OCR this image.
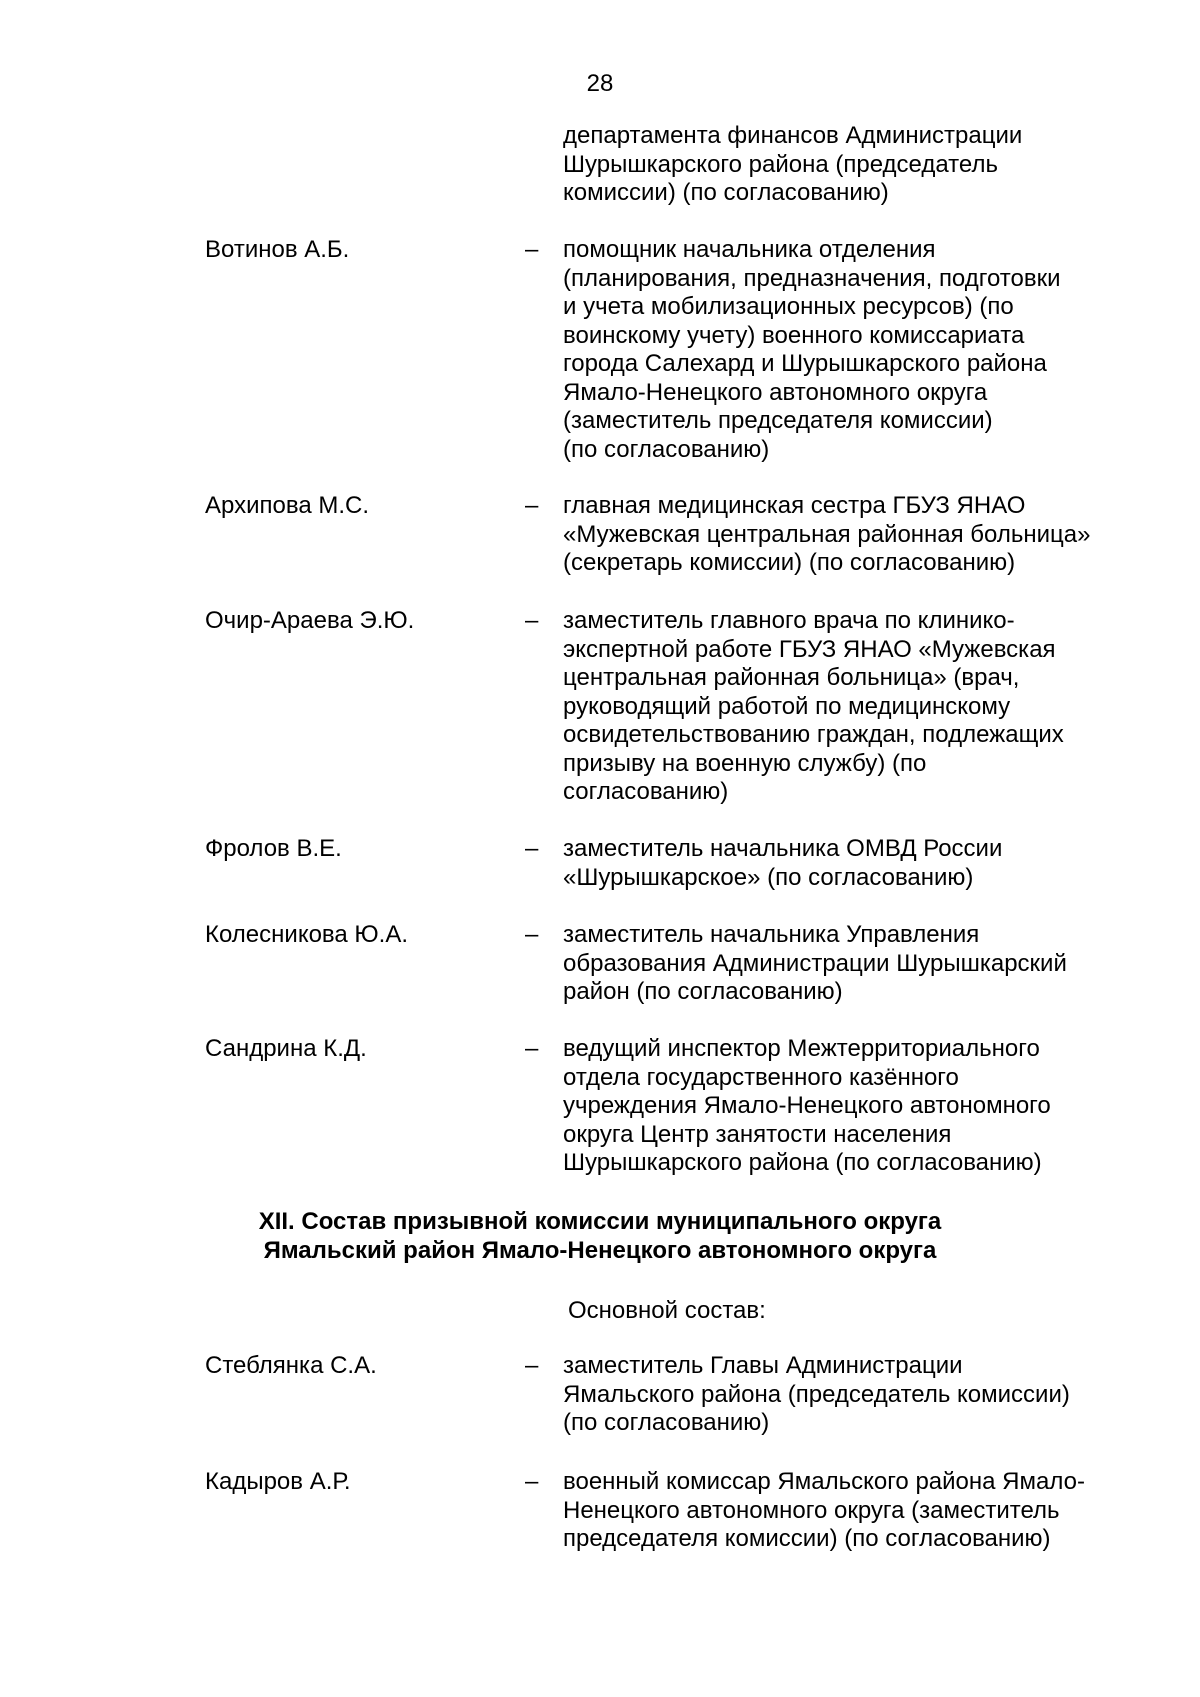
28
департамента финансов Администрации
Шурышкарского района (председатель
комиссии) (по согласованию)
Вотинов А.Б.	–	помощник начальника отделения
(планирования, предназначения, подготовки
и учета мобилизационных ресурсов) (по
воинскому учету) военного комиссариата
города Салехард и Шурышкарского района
Ямало-Ненецкого автономного округа
(заместитель председателя комиссии)
(по согласованию)
Архипова М.С.	–	главная медицинская сестра ГБУЗ ЯНАО
«Мужевская центральная районная больница»
(секретарь комиссии) (по согласованию)
Очир-Араева Э.Ю.	–	заместитель главного врача по клинико-
экспертной работе ГБУЗ ЯНАО «Мужевская
центральная районная больница» (врач,
руководящий работой по медицинскому
освидетельствованию граждан, подлежащих
призыву на военную службу) (по
согласованию)
Фролов В.Е.	–	заместитель начальника ОМВД России
«Шурышкарское» (по согласованию)
Колесникова Ю.А.	–	заместитель начальника Управления
образования Администрации Шурышкарский
район (по согласованию)
Сандрина К.Д.	–	ведущий инспектор Межтерриториального
отдела государственного казённого
учреждения Ямало-Ненецкого автономного
округа Центр занятости населения
Шурышкарского района (по согласованию)
XII. Состав призывной комиссии муниципального округа
Ямальский район Ямало-Ненецкого автономного округа
Основной состав:
Стеблянка С.А.	–	заместитель Главы Администрации
Ямальского района (председатель комиссии)
(по согласованию)
Кадыров А.Р.	–	военный комиссар Ямальского района Ямало-
Ненецкого автономного округа (заместитель
председателя комиссии) (по согласованию)
